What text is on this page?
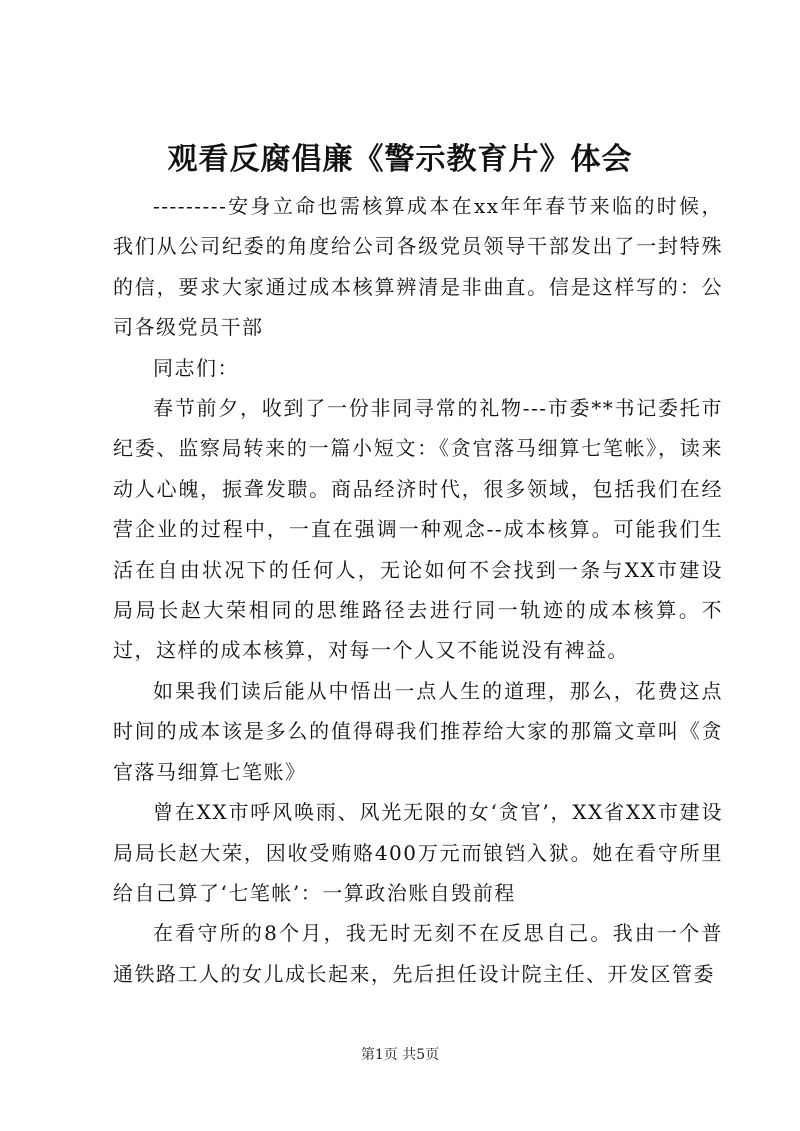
观看反腐倡廉《警示教育片》体会

---------安身立命也需核算成本在xx年年春节来临的时候，我们从公司纪委的角度给公司各级党员领导干部发出了一封特殊的信，要求大家通过成本核算辨清是非曲直。信是这样写的：公司各级党员干部

同志们：

春节前夕，收到了一份非同寻常的礼物---市委**书记委托市纪委、监察局转来的一篇小短文：《贪官落马细算七笔帐》，读来动人心魄，振聋发聩。商品经济时代，很多领域，包括我们在经营企业的过程中，一直在强调一种观念--成本核算。可能我们生活在自由状况下的任何人，无论如何不会找到一条与XX市建设局局长赵大荣相同的思维路径去进行同一轨迹的成本核算。不过，这样的成本核算，对每一个人又不能说没有裨益。

如果我们读后能从中悟出一点人生的道理，那么，花费这点时间的成本该是多么的值得碍我们推荐给大家的那篇文章叫《贪官落马细算七笔账》

曾在XX市呼风唤雨、风光无限的女‘贪官’，XX省XX市建设局局长赵大荣，因收受贿赂400万元而锒铛入狱。她在看守所里给自己算了‘七笔帐’：一算政治账自毁前程

在看守所的8个月，我无时无刻不在反思自己。我由一个普通铁路工人的女儿成长起来，先后担任设计院主任、开发区管委

第1页 共5页
